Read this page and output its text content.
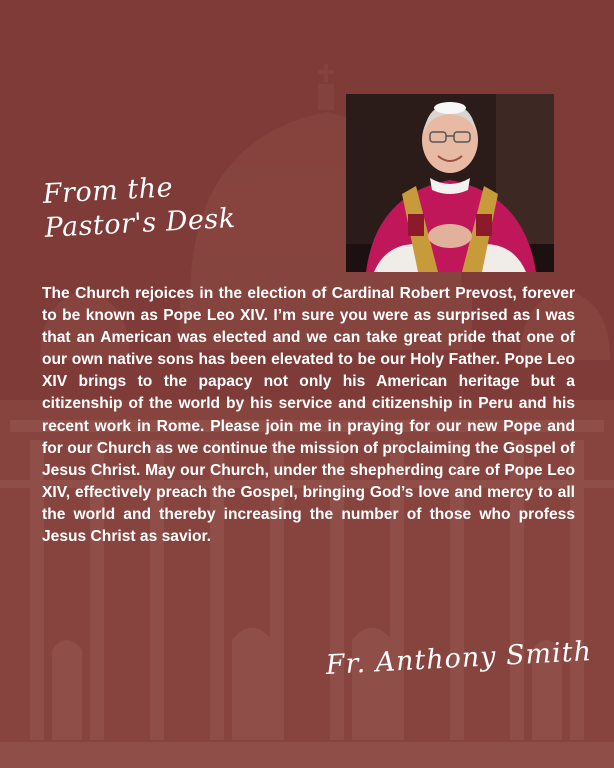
From the
Pastor's Desk

The Church rejoices in the election of Cardinal Robert Prevost, forever to be known as Pope Leo XIV. I’m sure you were as surprised as I was that an American was elected and we can take great pride that one of our own native sons has been elevated to be our Holy Father. Pope Leo XIV brings to the papacy not only his American heritage but a citizenship of the world by his service and citizenship in Peru and his recent work in Rome. Please join me in praying for our new Pope and for our Church as we continue the mission of proclaiming the Gospel of Jesus Christ. May our Church, under the shepherding care of Pope Leo XIV, effectively preach the Gospel, bringing God’s love and mercy to all the world and thereby increasing the number of those who profess Jesus Christ as savior.

Fr. Anthony Smith
